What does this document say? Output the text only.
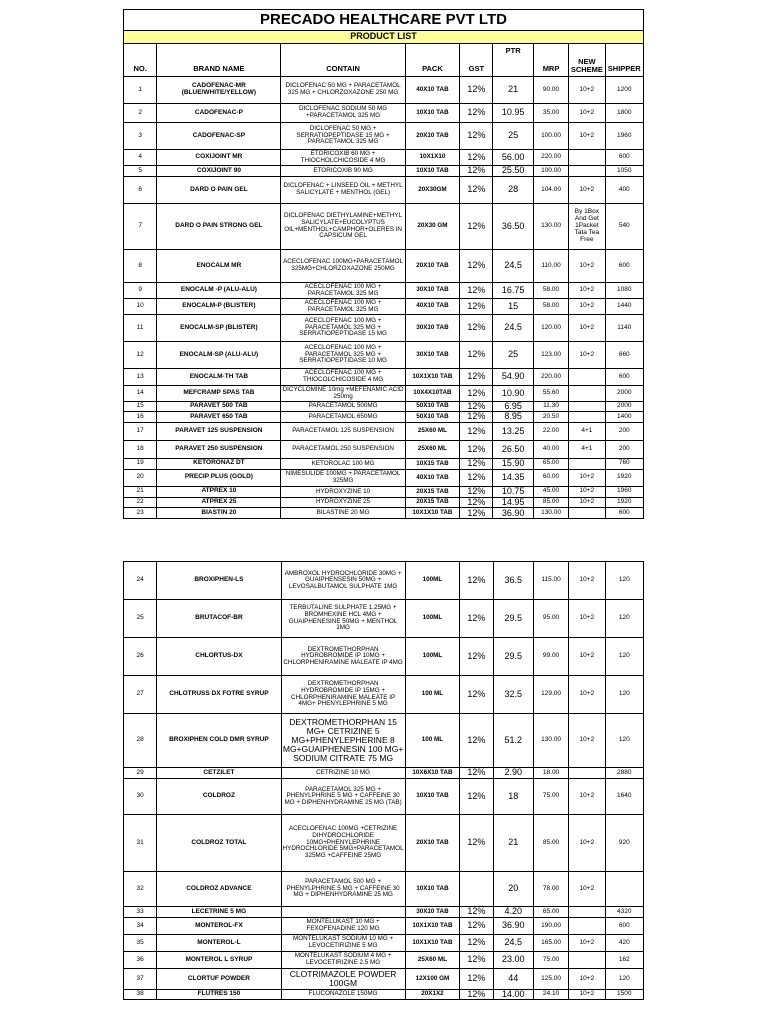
PRECADO HEALTHCARE PVT LTD								
PRODUCT LIST								
NO.	BRAND NAME	CONTAIN	PACK	GST	PTR	MRP	NEW SCHEME	SHIPPER
1	CADOFENAC-MR (BLUE/WHITE/YELLOW)	DICLOFENAC 50 MG + PARACETAMOL 325 MG + CHLORZOXAZONE 250 MG	40X10 TAB	12%	21	90.00	10+2	1200
2	CADOFENAC-P	DICLOFENAC SODIUM 50 MG +PARACETAMOL 325 MG	10X10 TAB	12%	10.95	35.00	10+2	1800
3	CADOFENAC-SP	DICLOFENAC 50 MG + SERRATIOPEPTIDASE 15 MG + PARACETAMOL 325 MG	20X10 TAB	12%	25	100.00	10+2	1960
4	COXIJOINT MR	ETORICOXIB 60 MG + THIOCHOLCHICOSIDE 4 MG	10X1X10	12%	56.00	220.00		600
5	COXIJOINT 90	ETORICOXIB 90 MG	10X10 TAB	12%	25.50	100.00		1050
6	DARD O PAIN GEL	DICLOFENAC + LINSEED OIL + METHYL SALICYLATE + MENTHOL (GEL)	20X30GM	12%	28	104.00	10+2	400
7	DARD O PAIN STRONG GEL	DICLOFENAC DIETHYLAMINE+METHYL SALICYLATE+EUCOLYPTUS OIL+MENTHOL+CAMPHOR+OLERES IN CAPSICUM GEL	20X30 GM	12%	36.50	130.00	By 1Box And Get 1Packet Tata Tea Free	540
8	ENOCALM MR	ACECLOFENAC 100MG+PARACETAMOL 325MG+CHLORZOXAZONE 250MG	20X10 TAB	12%	24.5	110.00	10+2	600
9	ENOCALM -P (ALU-ALU)	ACECLOFENAC 100 MG + PARACETAMOL 325 MG	30X10 TAB	12%	16.75	58.00	10+2	1080
10	ENOCALM-P (BLISTER)	ACECLOFENAC 100 MG + PARACETAMOL 325 MG	40X10 TAB	12%	15	58.00	10+2	1440
11	ENOCALM-SP (BLISTER)	ACECLOFENAC 100 MG + PARACETAMOL 325 MG + SERRATIOPEPTIDASE 15 MG	30X10 TAB	12%	24.5	120.00	10+2	1140
12	ENOCALM-SP (ALU-ALU)	ACECLOFENAC 100 MG + PARACETAMOL 325 MG + SERRATIOPEPTIDASE 10 MG	30X10 TAB	12%	25	123.00	10+2	660
13	ENOCALM-TH TAB	ACECLOFENAC 100 MG + THIOCOLCHICOSIDE 4 MG	10X1X10 TAB	12%	54.90	220.00		600
14	MEFCRAMP SPAS TAB	DICYCLOMINE 10mg +MEFENAMIC ACID 250mg	10X4X10TAB	12%	10.90	55.60		2000
15	PARAVET 500 TAB	PARACETAMOL 500MG	50X10 TAB	12%	6.95	11.30		2000
16	PARAVET 650 TAB	PARACETAMOL 650MG	50X10 TAB	12%	8.95	20.50		1400
17	PARAVET 125 SUSPENSION	PARACETAMOL 125 SUSPENSION	25X60 ML	12%	13.25	22.00	4+1	200
18	PARAVET 250 SUSPENSION	PARACETAMOL 250 SUSPENSION	25X60 ML	12%	26.50	40.00	4+1	200
19	KETORONAZ DT	KETOROLAC 100 MG	10X15 TAB	12%	15.90	65.00		760
20	PRECIP PLUS (GOLD)	NIMESULIDE 100MG + PARACETAMOL 325MG	40X10 TAB	12%	14.35	60.00	10+2	1920
21	ATPREX 10	HYDROXYZINE 10	20X15 TAB	12%	10.75	45.00	10+2	1960
22	ATPREX 25	HYDROXYZINE 25	20X15 TAB	12%	14.95	85.00	10+2	1920
23	BIASTIN 20	BILASTINE 20 MG	10X1X10 TAB	12%	36.90	130.00		600
24	BROXIPHEN-LS	AMBROXOL HYDROCHLORIDE 30MG + GUAIPHENSESIN 50MG + LEVOSALBUTAMOL SULPHATE 1MG	100ML	12%	36.5	115.00	10+2	120
25	BRUTACOF-BR	TERBUTALINE SULPHATE 1.25MG + BROMHEXINE HCL 4MG + GUAIPHENESINE 50MG + MENTHOL 1MG	100ML	12%	29.5	95.00	10+2	120
26	CHLORTUS-DX	DEXTROMETHORPHAN HYDROBROMIDE IP 10MG + CHLORPHENIRAMINE MALEATE IP 4MG	100ML	12%	29.5	99.00	10+2	120
27	CHLOTRUSS DX FOTRE SYRUP	DEXTROMETHORPHAN HYDROBROMIDE IP 15MG + CHLORPHENIRAMINE MALEATE IP 4MG+ PHENYLEPHRINE 5 MG	100 ML	12%	32.5	129.00	10+2	120
28	BROXIPHEN COLD DMR SYRUP	DEXTROMETHORPHAN 15 MG+ CETRIZINE 5 MG+PHENYLEPHERINE 8 MG+GUAIPHENESIN 100 MG+ SODIUM CITRATE 75 MG	100 ML	12%	51.2	130.00	10+2	120
29	CETZILET	CETRIZINE 10 MG	10X6X10 TAB	12%	2.90	18.00		2880
30	COLDROZ	PARACETAMOL 325 MG + PHENYLPHRINE 5 MG + CAFFEINE 30 MG + DIPHENHYDRAMINE 25 MG (TAB)	10X10 TAB	12%	18	75.00	10+2	1640
31	COLDROZ TOTAL	ACECLOFENAC 100MG +CETRIZINE DIHYDROCHLORIDE 10MG+PHENYLEPHRINE HYDROCHLORIDE 5MG+PARACETAMOL 325MG +CAFFEINE 25MG	20X10 TAB	12%	21	85.00	10+2	920
32	COLDROZ ADVANCE	PARACETAMOL 500 MG + PHENYLPHRINE 5 MG + CAFFEINE 30 MG + DIPHENHYDRAMINE 25 MG	10X10 TAB		20	78.00	10+2	
33	LECETRINE 5 MG		30X10 TAB	12%	4.20	65.00		4320
34	MONTEROL-FX	MONTELUKAST 10 MG + FEXOFENADINE 120 MG	10X1X10 TAB	12%	36.90	190.00		600
35	MONTEROL-L	MONTELUKAST SODIUM 10 MG + LEVOCETIRIZINE 5 MG	10X1X10 TAB	12%	24.5	165.00	10+2	420
36	MONTEROL L SYRUP	MONTELUKAST SODIUM 4 MG + LEVOCETIRIZINE 2.5 MG	25X60 ML	12%	23.00	75.00		162
37	CLORTUF POWDER	CLOTRIMAZOLE POWDER 100GM	12X100 GM	12%	44	125.00	10+2	120
38	FLUTRES 150	FLUCONAZOLE 150MG	20X1X2	12%	14.00	24.10	10+2	1500
